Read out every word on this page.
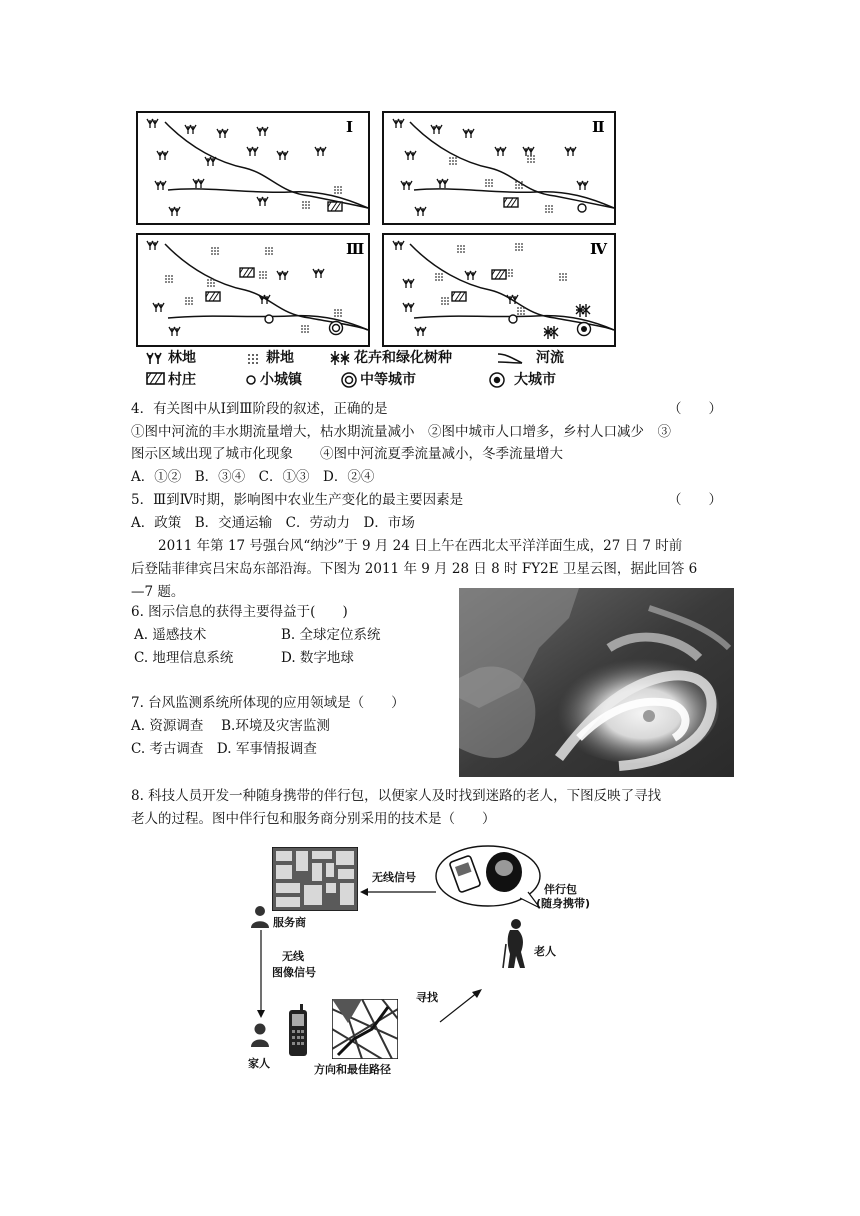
Ⅰ	Ⅱ
Ⅲ	Ⅳ
林地	耕地	花卉和绿化树种	河流
村庄	小城镇	中等城市	大城市
4．有关图中从Ⅰ到Ⅲ阶段的叙述，正确的是	（　　）
①图中河流的丰水期流量增大，枯水期流量减小　②图中城市人口增多，乡村人口减少　③
图示区域出现了城市化现象　　④图中河流夏季流量减小，冬季流量增大
A．①②　B．③④　C．①③　D．②④
5．Ⅲ到Ⅳ时期，影响图中农业生产变化的最主要因素是	（　　）
A．政策　B．交通运输　C．劳动力　D．市场
2011 年第 17 号强台风“纳沙”于 9 月 24 日上午在西北太平洋洋面生成，27 日 7 时前
后登陆菲律宾吕宋岛东部沿海。下图为 2011 年 9 月 28 日 8 时 FY2E 卫星云图，据此回答 6
—7 题。
6. 图示信息的获得主要得益于(　　)
A. 遥感技术	B. 全球定位系统
C. 地理信息系统	D. 数字地球
7. 台风监测系统所体现的应用领域是（　　）
A. 资源调查　 B.环境及灾害监测
C. 考古调查　D. 军事情报调查
8. 科技人员开发一种随身携带的伴行包，以便家人及时找到迷路的老人，下图反映了寻找
老人的过程。图中伴行包和服务商分别采用的技术是（　　）
无线信号
伴行包
(随身携带)
服务商
无线
图像信号
老人
寻找
家人	方向和最佳路径
